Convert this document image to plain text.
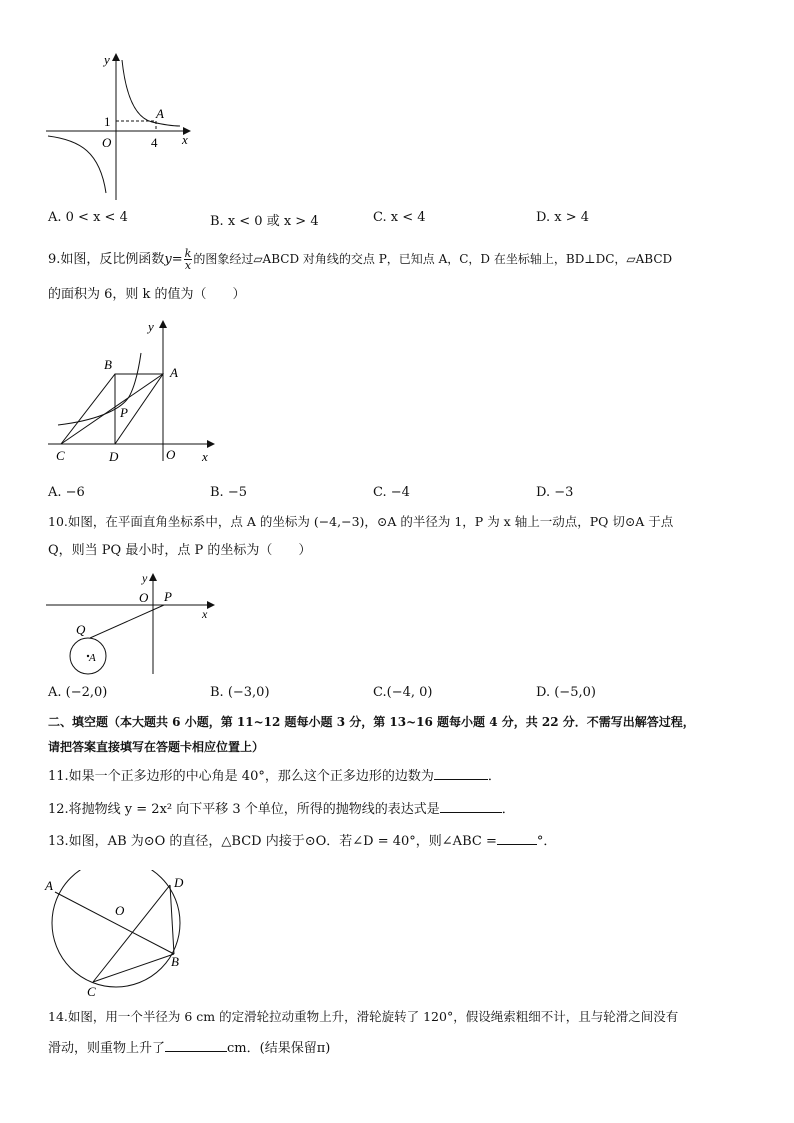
y
x
O
1
4
A
A. 0 < x < 4	B. x < 0 或 x > 4	C. x < 4	D. x > 4
9.如图，反比例函数$y= \frac{k}{x}$ 的图象经过▱ABCD 对角线的交点 P，已知点 A，C，D 在坐标轴上，BD⊥DC，▱ABCD
的面积为 6，则 k 的值为（　　）
y
x
B
A
P
C	D	O
A. −6	B. −5	C. −4	D. −3
10.如图，在平面直角坐标系中，点 A 的坐标为 (−4,−3)，⊙A 的半径为 1，P 为 x 轴上一动点，PQ 切⊙A 于点
Q，则当 PQ 最小时，点 P 的坐标为（　　）
y
x
O P
Q
A
A. (−2,0)	B. (−3,0)	C.(−4, 0)	D. (−5,0)
二、填空题（本大题共 6 小题，第 11~12 题每小题 3 分，第 13~16 题每小题 4 分，共 22 分．不需写出解答过程，
请把答案直接填写在答题卡相应位置上）
11.如果一个正多边形的中心角是 40°，那么这个正多边形的边数为	．
12.将抛物线 y = 2x² 向下平移 3 个单位，所得的抛物线的表达式是	．
13.如图，AB 为⊙O 的直径，△BCD 内接于⊙O．若∠D = 40°，则∠ABC =	°．
A	D
O
B
C
14.如图，用一个半径为 6 cm 的定滑轮拉动重物上升，滑轮旋转了 120°，假设绳索粗细不计，且与轮滑之间没有
滑动，则重物上升了	cm．(结果保留π)
